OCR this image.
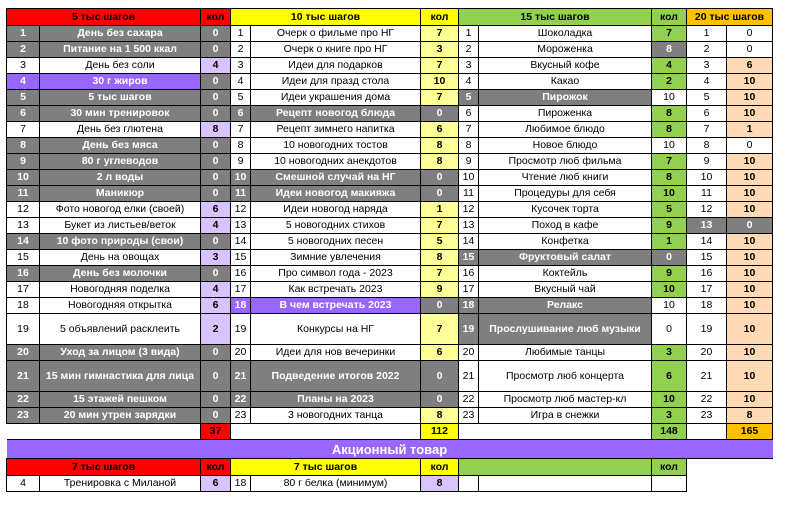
5 тыс шагов		кол	10 тыс шагов		кол	15 тыс шагов		кол	20 тыс шагов	
1	День без сахара	0	1	Очерк о фильме про НГ	7	1	Шоколадка	7	1	0
2	Питание на 1 500 ккал	0	2	Очерк о книге про НГ	3	2	Мороженка	8	2	0
3	День без соли	4	3	Идеи для подарков	7	3	Вкусный кофе	4	3	6
4	30 г жиров	0	4	Идеи для празд стола	10	4	Какао	2	4	10
5	5 тыс шагов	0	5	Идеи украшения дома	7	5	Пирожок	10	5	10
6	30 мин тренировок	0	6	Рецепт новогод блюда	0	6	Пироженка	8	6	10
7	День без глютена	8	7	Рецепт зимнего напитка	6	7	Любимое блюдо	8	7	1
8	День без мяса	0	8	10 новогодних тостов	8	8	Новое блюдо	10	8	0
9	80 г углеводов	0	9	10 новогодних анекдотов	8	9	Просмотр люб фильма	7	9	10
10	2 л воды	0	10	Смешной случай на НГ	0	10	Чтение люб книги	8	10	10
11	Маникюр	0	11	Идеи новогод макияжа	0	11	Процедуры для себя	10	11	10
12	Фото новогод елки (своей)	6	12	Идеи новогод наряда	1	12	Кусочек торта	5	12	10
13	Букет из листьев/веток	4	13	5 новогодних стихов	7	13	Поход в кафе	9	13	0
14	10 фото природы (свои)	0	14	5 новогодних песен	5	14	Конфетка	1	14	10
15	День на овощах	3	15	Зимние увлечения	8	15	Фруктовый салат	0	15	10
16	День без молочки	0	16	Про символ года - 2023	7	16	Коктейль	9	16	10
17	Новогодняя поделка	4	17	Как встречать 2023	9	17	Вкусный чай	10	17	10
18	Новогодняя открытка	6	18	В чем встречать 2023	0	18	Релакс	10	18	10
19	5 объявлений расклеить	2	19	Конкурсы на НГ	7	19	Прослушивание люб музыки	0	19	10
20	Уход за лицом (3 вида)	0	20	Идеи для нов вечеринки	6	20	Любимые танцы	3	20	10
21	15 мин гимнастика для лица	0	21	Подведение итогов 2022	0	21	Просмотр люб концерта	6	21	10
22	15 этажей пешком	0	22	Планы на 2023	0	22	Просмотр люб мастер-кл	10	22	10
23	20 мин утрен зарядки	0	23	3 новогодних танца	8	23	Игра в снежки	3	23	8
		37			112			148		165
Акционный товар										
7 тыс шагов		кол	7 тыс шагов		кол			кол		
4	Тренировка с Миланой	6	18	80 г белка (минимум)	8					
